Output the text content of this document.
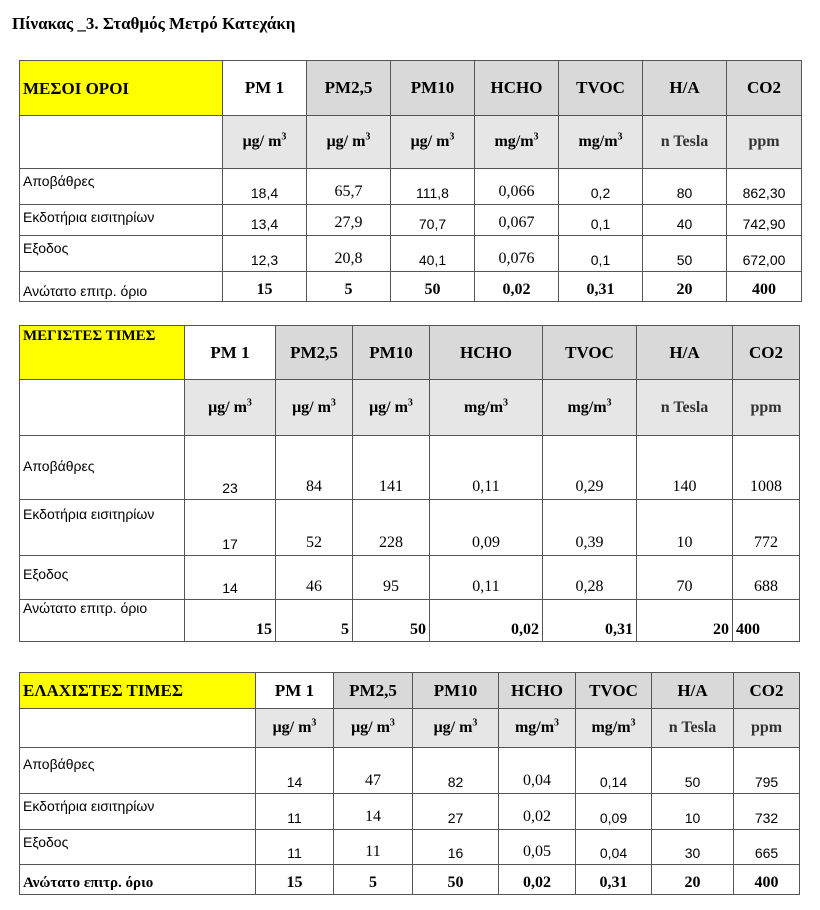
Πίνακας _3. Σταθμός Μετρό Κατεχάκη
ΜΕΣΟΙ ΟΡΟΙ	PM 1	PM2,5	PM10	HCHO	TVOC	H/A	CO2
	μg/ $m^3$	μg/ $m^3$	μg/ $m^3$	$mg/m^3$	$mg/m^3$	n Tesla	ppm
Αποβάθρες	18,4	65,7	111,8	0,066	0,2	80	862,30
Εκδοτήρια εισιτηρίων	13,4	27,9	70,7	0,067	0,1	40	742,90
Εξοδος	12,3	20,8	40,1	0,076	0,1	50	672,00
Ανώτατο επιτρ. όριο	15	5	50	0,02	0,31	20	400
ΜΕΓΙΣΤΕΣ ΤΙΜΕΣ	PM 1	PM2,5	PM10	HCHO	TVOC	H/A	CO2
	μg/ $m^3$	μg/ $m^3$	μg/ $m^3$	$mg/m^3$	$mg/m^3$	n Tesla	ppm
Αποβάθρες	23	84	141	0,11	0,29	140	1008
Εκδοτήρια εισιτηρίων	17	52	228	0,09	0,39	10	772
Εξοδος	14	46	95	0,11	0,28	70	688
Ανώτατο επιτρ. όριο	15	5	50	0,02	0,31	20	400
ΕΛΑΧΙΣΤΕΣ ΤΙΜΕΣ	PM 1	PM2,5	PM10	HCHO	TVOC	H/A	CO2
	μg/ $m^3$	μg/ $m^3$	μg/ $m^3$	$mg/m^3$	$mg/m^3$	n Tesla	ppm
Αποβάθρες	14	47	82	0,04	0,14	50	795
Εκδοτήρια εισιτηρίων	11	14	27	0,02	0,09	10	732
Εξοδος	11	11	16	0,05	0,04	30	665
Ανώτατο επιτρ. όριο	15	5	50	0,02	0,31	20	400
